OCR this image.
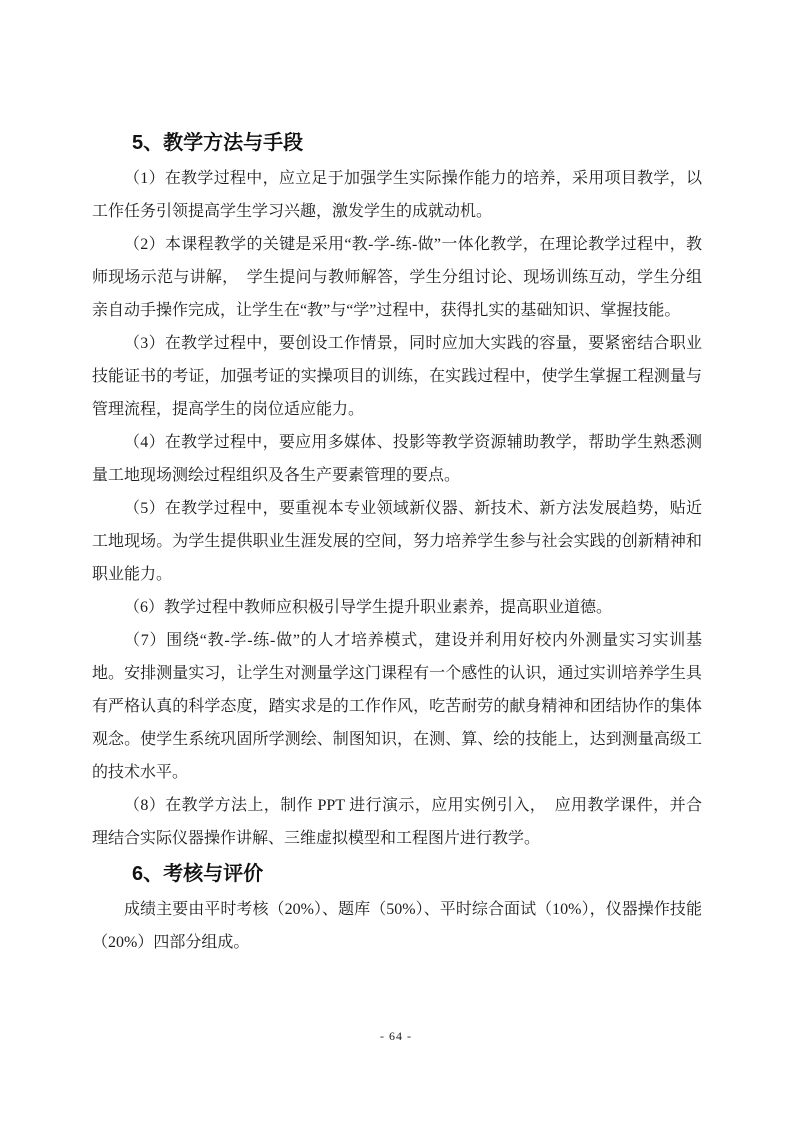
5、教学方法与手段

（1）在教学过程中，应立足于加强学生实际操作能力的培养，采用项目教学，以工作任务引领提高学生学习兴趣，激发学生的成就动机。

（2）本课程教学的关键是采用“教-学-练-做”一体化教学，在理论教学过程中，教师现场示范与讲解，　学生提问与教师解答，学生分组讨论、现场训练互动，学生分组亲自动手操作完成，让学生在“教”与“学”过程中，获得扎实的基础知识、掌握技能。

（3）在教学过程中，要创设工作情景，同时应加大实践的容量，要紧密结合职业技能证书的考证，加强考证的实操项目的训练，在实践过程中，使学生掌握工程测量与管理流程，提高学生的岗位适应能力。

（4）在教学过程中，要应用多媒体、投影等教学资源辅助教学，帮助学生熟悉测量工地现场测绘过程组织及各生产要素管理的要点。

（5）在教学过程中，要重视本专业领域新仪器、新技术、新方法发展趋势，贴近工地现场。为学生提供职业生涯发展的空间，努力培养学生参与社会实践的创新精神和职业能力。

（6）教学过程中教师应积极引导学生提升职业素养，提高职业道德。

（7）围绕“教-学-练-做”的人才培养模式，建设并利用好校内外测量实习实训基地。安排测量实习，让学生对测量学这门课程有一个感性的认识，通过实训培养学生具有严格认真的科学态度，踏实求是的工作作风，吃苦耐劳的献身精神和团结协作的集体观念。使学生系统巩固所学测绘、制图知识，在测、算、绘的技能上，达到测量高级工的技术水平。

（8）在教学方法上，制作 PPT 进行演示，应用实例引入，　应用教学课件，并合理结合实际仪器操作讲解、三维虚拟模型和工程图片进行教学。

6、考核与评价

成绩主要由平时考核（20%）、题库（50%）、平时综合面试（10%），仪器操作技能（20%）四部分组成。

- 64 -
